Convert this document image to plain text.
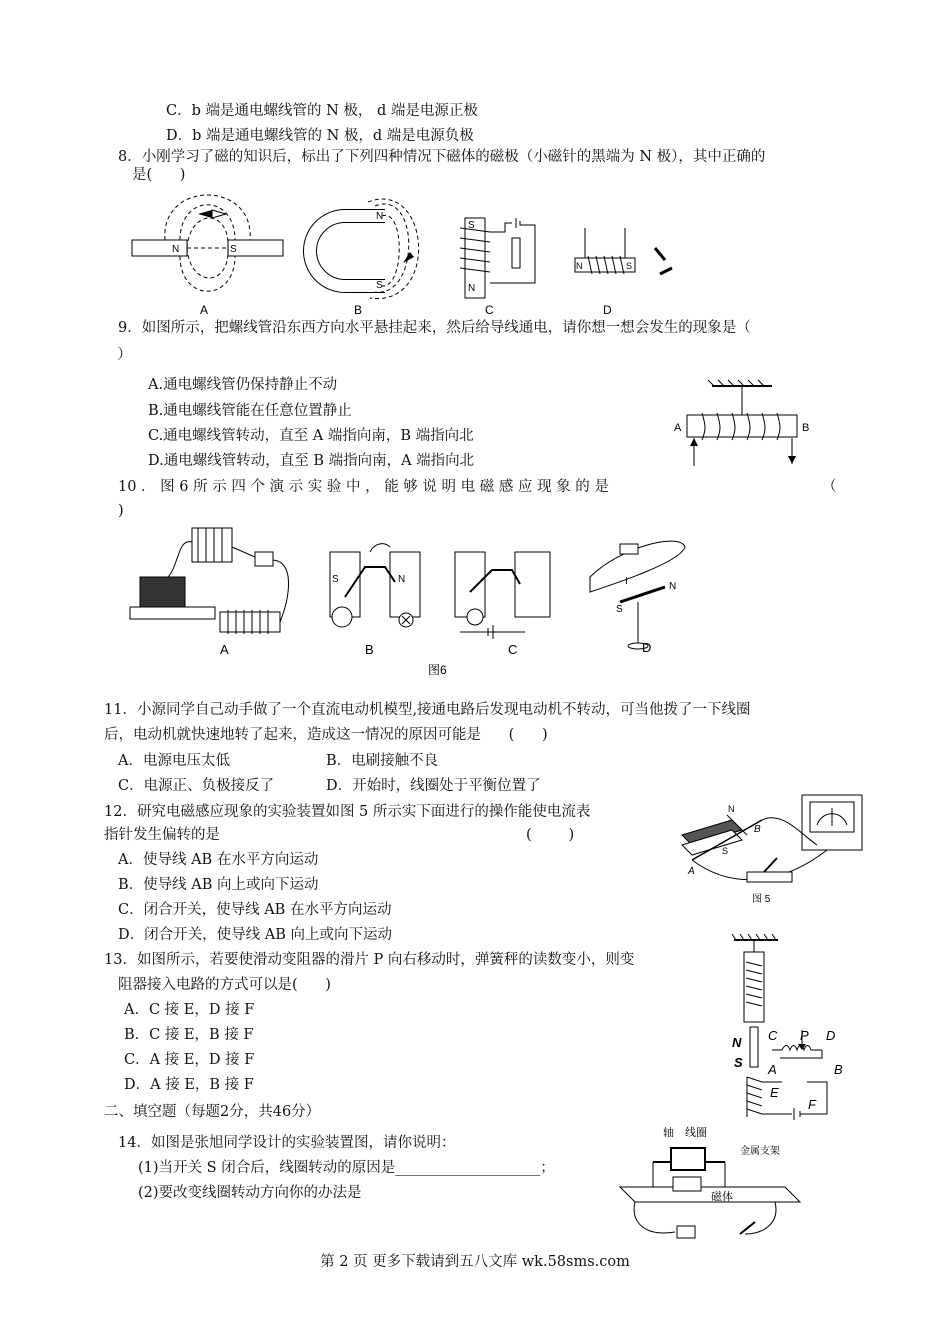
C．b 端是通电螺线管的 N 极， d 端是电源正极
D．b 端是通电螺线管的 N 极，d 端是电源负极
8．小刚学习了磁的知识后，标出了下列四种情况下磁体的磁极（小磁针的黑端为 N 极），其中正确的
是(      )
N	S
A
N
S
B
S
N
C
N	S
D
9．如图所示，把螺线管沿东西方向水平悬挂起来，然后给导线通电，请你想一想会发生的现象是（
）
A.通电螺线管仍保持静止不动
B.通电螺线管能在任意位置静止
C.通电螺线管转动，直至 A 端指向南，B 端指向北
D.通电螺线管转动，直至 B 端指向南，A 端指向北
A	B
10 ． 图 6 所 示 四 个 演 示 实 验 中 ， 能 够 说 明 电 磁 感 应 现 象 的 是	（
)
A
S	N
B	C
I
S
N
D
图6
11．小源同学自己动手做了一个直流电动机模型,接通电路后发现电动机不转动，可当他拨了一下线圈
后，电动机就快速地转了起来，造成这一情况的原因可能是      (      )
A．电源电压太低	B．电刷接触不良
C．电源正、负极接反了	D．开始时，线圈处于平衡位置了
12．研究电磁感应现象的实验装置如图 5 所示实下面进行的操作能使电流表
指针发生偏转的是	(        )
A．使导线 AB 在水平方向运动
B．使导线 AB 向上或向下运动
C．闭合开关，使导线 AB 在水平方向运动
D．闭合开关，使导线 AB 向上或向下运动
N
S
B
A
图 5
13．如图所示，若要使滑动变阻器的滑片 P 向右移动时，弹簧秤的读数变小，则变
阻器接入电路的方式可以是(      )
A．C 接 E，D 接 F
B．C 接 E，B 接 F
C．A 接 E，D 接 F
D．A 接 E，B 接 F
N
S
C P D
A	B
E
F
二、填空题（每题2分，共46分）
14．如图是张旭同学设计的实验装置图，请你说明：
(1)当开关 S 闭合后，线圈转动的原因是____________________；
(2)要改变线圈转动方向你的办法是
轴 线圈
金属支架
磁体
第 2 页 更多下载请到五八文库 wk.58sms.com
